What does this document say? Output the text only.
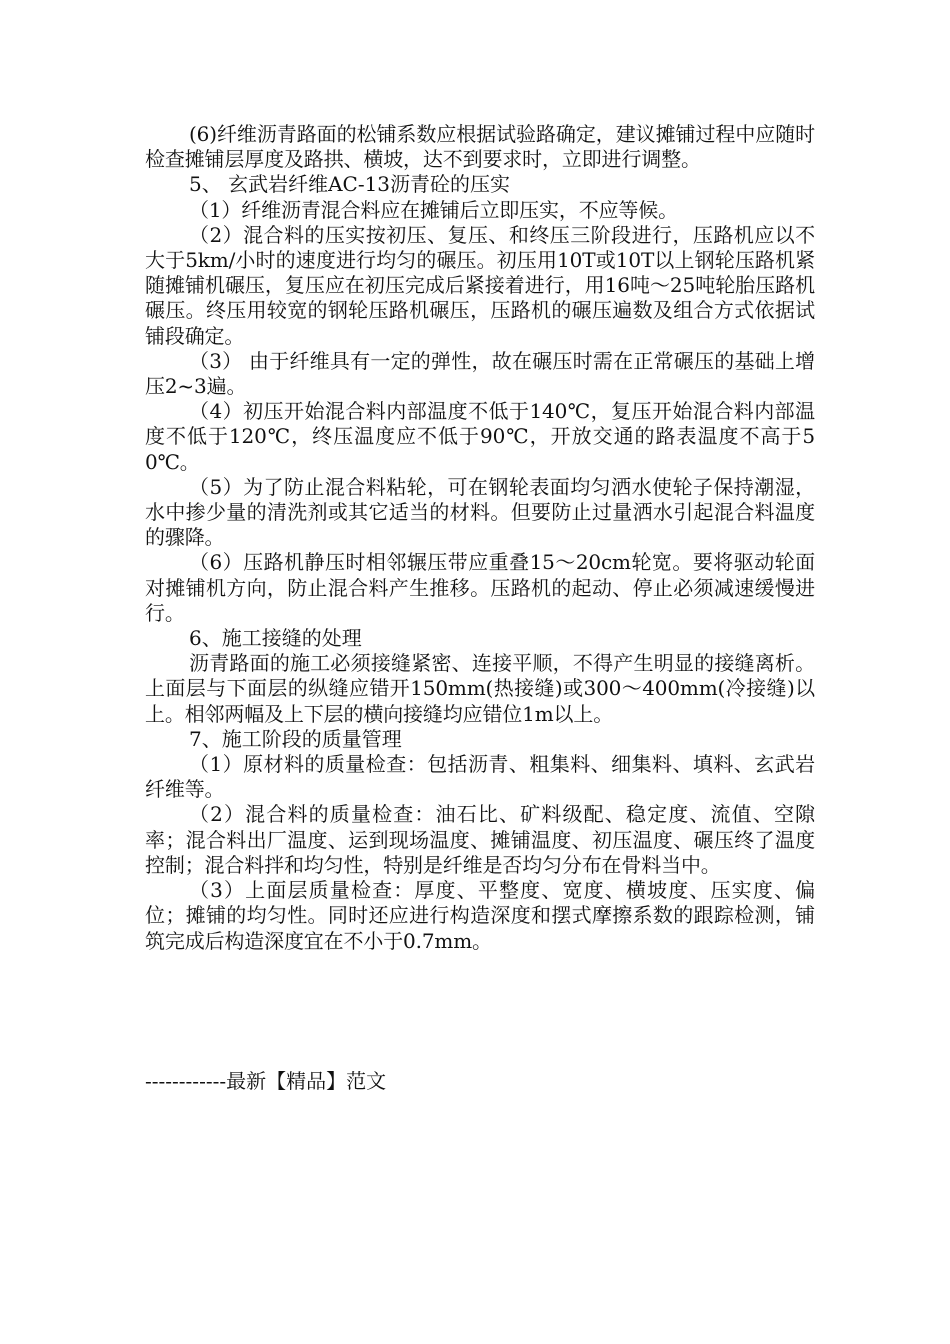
(6)纤维沥青路面的松铺系数应根据试验路确定，建议摊铺过程中应随时检查摊铺层厚度及路拱、横坡，达不到要求时，立即进行调整。

5、 玄武岩纤维AC-13沥青砼的压实

（1）纤维沥青混合料应在摊铺后立即压实，不应等候。

（2）混合料的压实按初压、复压、和终压三阶段进行，压路机应以不大于5km/小时的速度进行均匀的碾压。初压用10T或10T以上钢轮压路机紧随摊铺机碾压，复压应在初压完成后紧接着进行，用16吨～25吨轮胎压路机碾压。终压用较宽的钢轮压路机碾压，压路机的碾压遍数及组合方式依据试铺段确定。

（3） 由于纤维具有一定的弹性，故在碾压时需在正常碾压的基础上增压2~3遍。

（4）初压开始混合料内部温度不低于140℃，复压开始混合料内部温度不低于120℃，终压温度应不低于90℃，开放交通的路表温度不高于50℃。

（5）为了防止混合料粘轮，可在钢轮表面均匀洒水使轮子保持潮湿，水中掺少量的清洗剂或其它适当的材料。但要防止过量洒水引起混合料温度的骤降。

（6）压路机静压时相邻辗压带应重叠15～20cm轮宽。要将驱动轮面对摊铺机方向，防止混合料产生推移。压路机的起动、停止必须减速缓慢进行。

6、施工接缝的处理

沥青路面的施工必须接缝紧密、连接平顺，不得产生明显的接缝离析。上面层与下面层的纵缝应错开150mm(热接缝)或300～400mm(冷接缝)以上。相邻两幅及上下层的横向接缝均应错位1m以上。

7、施工阶段的质量管理

（1）原材料的质量检查：包括沥青、粗集料、细集料、填料、玄武岩纤维等。

（2）混合料的质量检查：油石比、矿料级配、稳定度、流值、空隙率；混合料出厂温度、运到现场温度、摊铺温度、初压温度、碾压终了温度控制；混合料拌和均匀性，特别是纤维是否均匀分布在骨料当中。

（3）上面层质量检查：厚度、平整度、宽度、横坡度、压实度、偏位；摊铺的均匀性。同时还应进行构造深度和摆式摩擦系数的跟踪检测，铺筑完成后构造深度宜在不小于0.7mm。

------------最新【精品】范文
